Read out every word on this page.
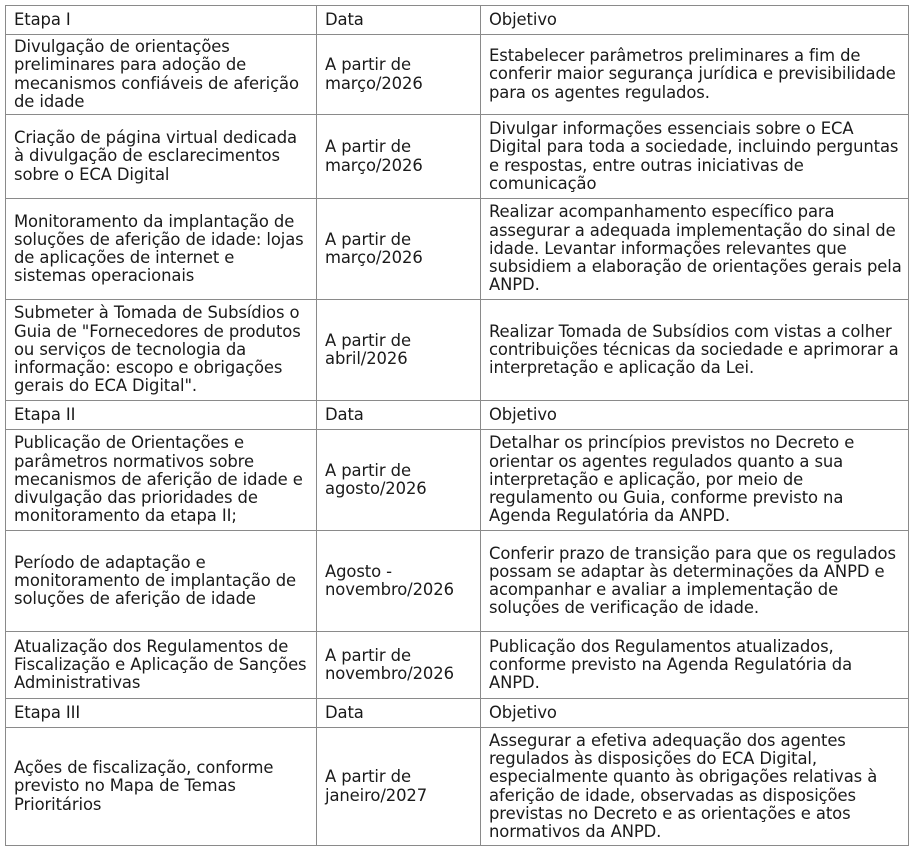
Etapa I	Data	Objetivo
Divulgação de orientações preliminares para adoção de mecanismos confiáveis de aferição de idade	A partir de março/2026	Estabelecer parâmetros preliminares a fim de conferir maior segurança jurídica e previsibilidade para os agentes regulados.
Criação de página virtual dedicada à divulgação de esclarecimentos sobre o ECA Digital	A partir de março/2026	Divulgar informações essenciais sobre o ECA Digital para toda a sociedade, incluindo perguntas e respostas, entre outras iniciativas de comunicação
Monitoramento da implantação de soluções de aferição de idade: lojas de aplicações de internet e sistemas operacionais	A partir de março/2026	Realizar acompanhamento específico para assegurar a adequada implementação do sinal de idade. Levantar informações relevantes que subsidiem a elaboração de orientações gerais pela ANPD.
Submeter à Tomada de Subsídios o Guia de "Fornecedores de produtos ou serviços de tecnologia da informação: escopo e obrigações gerais do ECA Digital".	A partir de abril/2026	Realizar Tomada de Subsídios com vistas a colher contribuições técnicas da sociedade e aprimorar a interpretação e aplicação da Lei.
Etapa II	Data	Objetivo
Publicação de Orientações e parâmetros normativos sobre mecanismos de aferição de idade e divulgação das prioridades de monitoramento da etapa II;	A partir de agosto/2026	Detalhar os princípios previstos no Decreto e orientar os agentes regulados quanto a sua interpretação e aplicação, por meio de regulamento ou Guia, conforme previsto na Agenda Regulatória da ANPD.
Período de adaptação e monitoramento de implantação de soluções de aferição de idade	Agosto - novembro/2026	Conferir prazo de transição para que os regulados possam se adaptar às determinações da ANPD e acompanhar e avaliar a implementação de soluções de verificação de idade.
Atualização dos Regulamentos de Fiscalização e Aplicação de Sanções Administrativas	A partir de novembro/2026	Publicação dos Regulamentos atualizados, conforme previsto na Agenda Regulatória da ANPD.
Etapa III	Data	Objetivo
Ações de fiscalização, conforme previsto no Mapa de Temas Prioritários	A partir de janeiro/2027	Assegurar a efetiva adequação dos agentes regulados às disposições do ECA Digital, especialmente quanto às obrigações relativas à aferição de idade, observadas as disposições previstas no Decreto e as orientações e atos normativos da ANPD.
